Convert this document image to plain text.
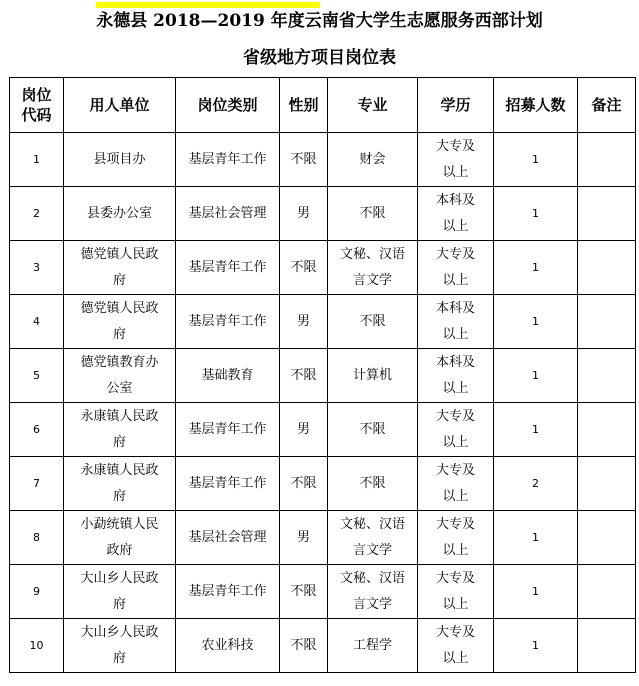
永德县 2018—2019 年度云南省大学生志愿服务西部计划
省级地方项目岗位表
岗位代码	用人单位	岗位类别	性别	专业	学历	招募人数	备注
1	县项目办	基层青年工作	不限	财会	大专及以上	1	
2	县委办公室	基层社会管理	男	不限	本科及以上	1	
3	德党镇人民政府	基层青年工作	不限	文秘、汉语言文学	大专及以上	1	
4	德党镇人民政府	基层青年工作	男	不限	本科及以上	1	
5	德党镇教育办公室	基础教育	不限	计算机	本科及以上	1	
6	永康镇人民政府	基层青年工作	男	不限	大专及以上	1	
7	永康镇人民政府	基层青年工作	不限	不限	大专及以上	2	
8	小勐统镇人民政府	基层社会管理	男	文秘、汉语言文学	大专及以上	1	
9	大山乡人民政府	基层青年工作	不限	文秘、汉语言文学	大专及以上	1	
10	大山乡人民政府	农业科技	不限	工程学	大专及以上	1	
